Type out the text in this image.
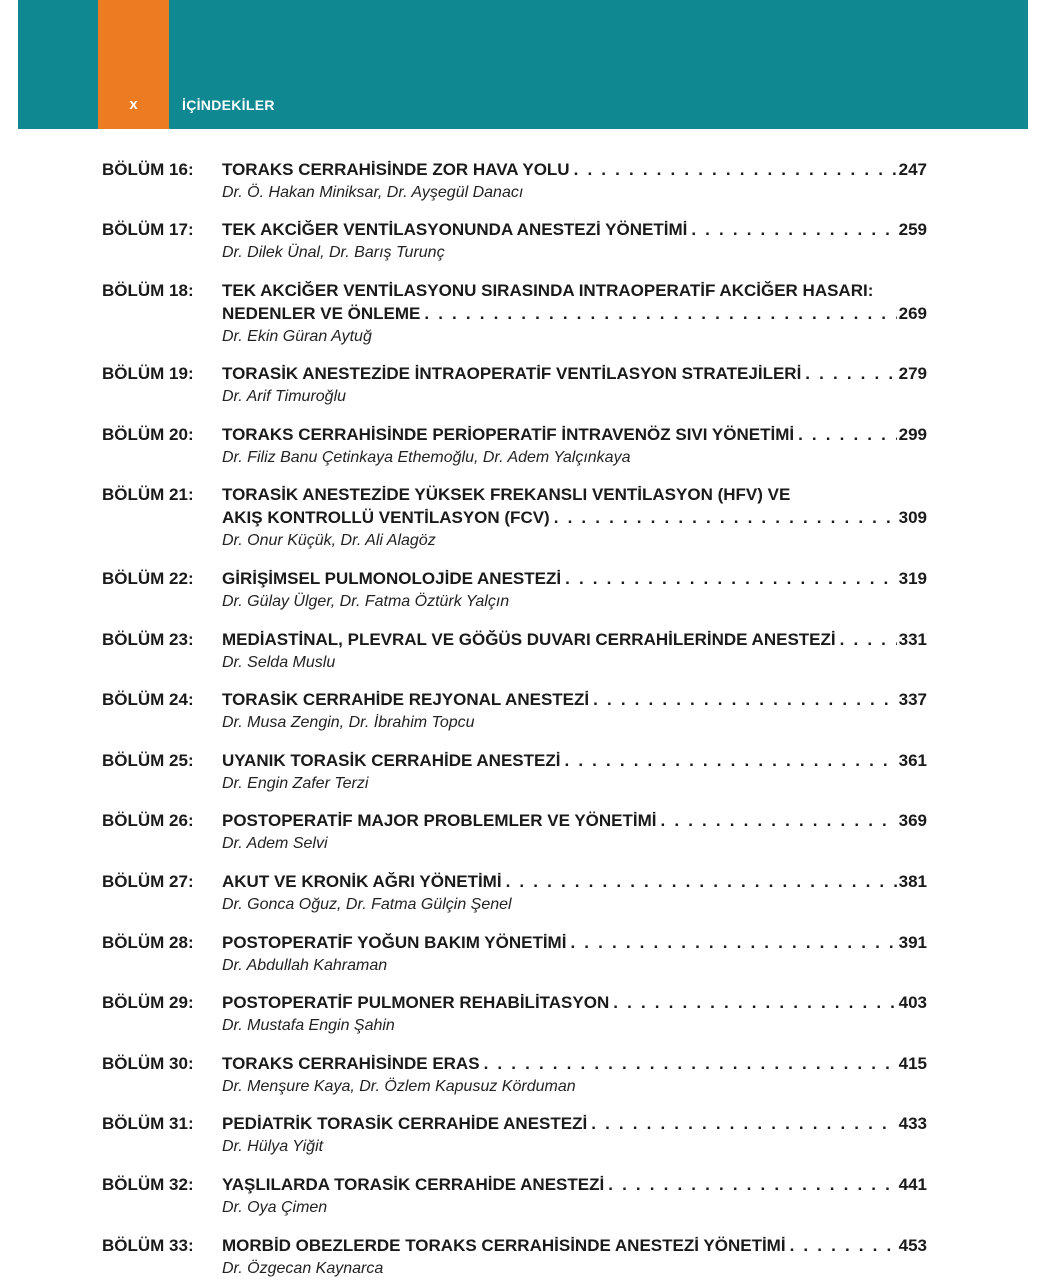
x	İÇİNDEKİLER
BÖLÜM 16: TORAKS CERRAHİSİNDE ZOR HAVA YOLU . . .	247
Dr. Ö. Hakan Miniksar, Dr. Ayşegül Danacı
BÖLÜM 17: TEK AKCİĞER VENTİLASYONUNDA ANESTEZİ YÖNETİMİ . . .	259
Dr. Dilek Ünal, Dr. Barış Turunç
BÖLÜM 18: TEK AKCİĞER VENTİLASYONU SIRASINDA INTRAOPERATİF AKCİĞER HASARI:
NEDENLER VE ÖNLEME . . .	269
Dr. Ekin Güran Aytuğ
BÖLÜM 19: TORASİK ANESTEZİDE İNTRAOPERATİF VENTİLASYON STRATEJİLERİ . . .	279
Dr. Arif Timuroğlu
BÖLÜM 20: TORAKS CERRAHİSİNDE PERİOPERATİF İNTRAVENÖZ SIVI YÖNETİMİ . . .	299
Dr. Filiz Banu Çetinkaya Ethemoğlu, Dr. Adem Yalçınkaya
BÖLÜM 21: TORASİK ANESTEZİDE YÜKSEK FREKANSLI VENTİLASYON (HFV) VE
AKIŞ KONTROLLÜ VENTİLASYON (FCV) . . .	309
Dr. Onur Küçük, Dr. Ali Alagöz
BÖLÜM 22: GİRİŞİMSEL PULMONOLOJİDE ANESTEZİ . . .	319
Dr. Gülay Ülger, Dr. Fatma Öztürk Yalçın
BÖLÜM 23: MEDİASTİNAL, PLEVRAL VE GÖĞÜS DUVARI CERRAHİLERİNDE ANESTEZİ . . .	331
Dr. Selda Muslu
BÖLÜM 24: TORASİK CERRAHİDE REJYONAL ANESTEZİ . . .	337
Dr. Musa Zengin, Dr. İbrahim Topcu
BÖLÜM 25: UYANIK TORASİK CERRAHİDE ANESTEZİ . . .	361
Dr. Engin Zafer Terzi
BÖLÜM 26: POSTOPERATİF MAJOR PROBLEMLER VE YÖNETİMİ . . .	369
Dr. Adem Selvi
BÖLÜM 27: AKUT VE KRONİK AĞRI YÖNETİMİ . . .	381
Dr. Gonca Oğuz, Dr. Fatma Gülçin Şenel
BÖLÜM 28: POSTOPERATİF YOĞUN BAKIM YÖNETİMİ . . .	391
Dr. Abdullah Kahraman
BÖLÜM 29: POSTOPERATİF PULMONER REHABİLİTASYON . . .	403
Dr. Mustafa Engin Şahin
BÖLÜM 30: TORAKS CERRAHİSİNDE ERAS . . .	415
Dr. Menşure Kaya, Dr. Özlem Kapusuz Körduman
BÖLÜM 31: PEDİATRİK TORASİK CERRAHİDE ANESTEZİ . . .	433
Dr. Hülya Yiğit
BÖLÜM 32: YAŞLILARDA TORASİK CERRAHİDE ANESTEZİ . . .	441
Dr. Oya Çimen
BÖLÜM 33: MORBİD OBEZLERDE TORAKS CERRAHİSİNDE ANESTEZİ YÖNETİMİ . . .	453
Dr. Özgecan Kaynarca
